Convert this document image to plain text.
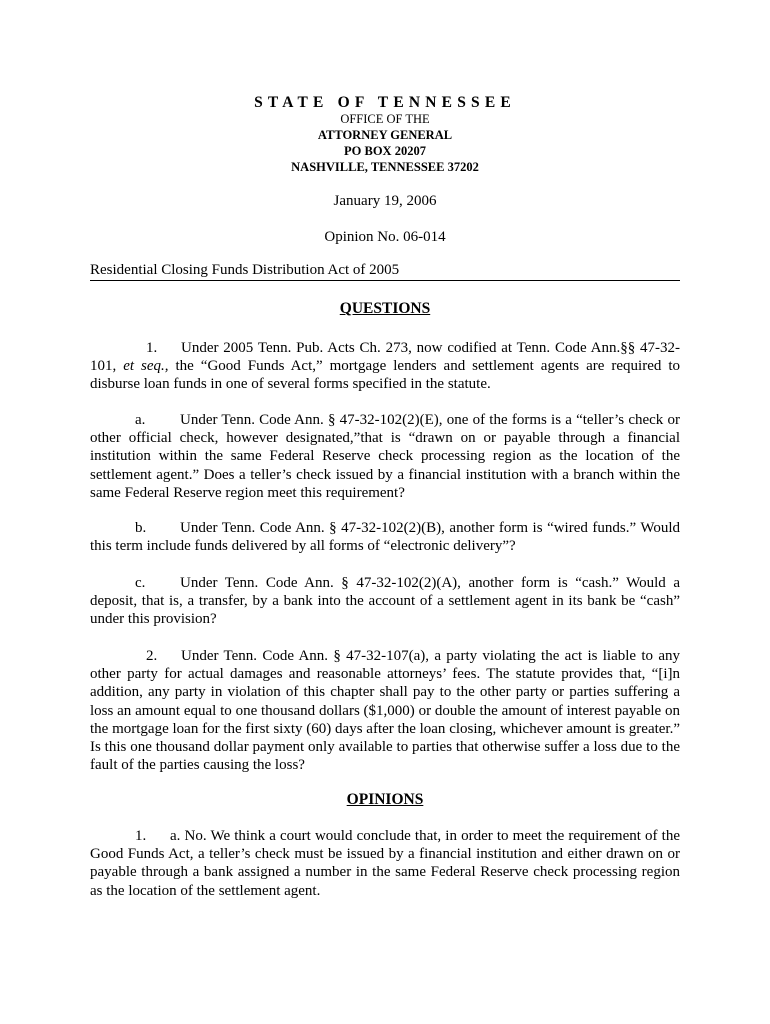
STATE OF TENNESSEE
OFFICE OF THE
ATTORNEY GENERAL
PO BOX 20207
NASHVILLE, TENNESSEE 37202
January 19, 2006
Opinion No. 06-014
Residential Closing Funds Distribution Act of 2005
QUESTIONS
1. Under 2005 Tenn. Pub. Acts Ch. 273, now codified at Tenn. Code Ann.§§ 47-32-101, et seq., the “Good Funds Act,” mortgage lenders and settlement agents are required to disburse loan funds in one of several forms specified in the statute.
a. Under Tenn. Code Ann. § 47-32-102(2)(E), one of the forms is a “teller’s check or other official check, however designated,”that is “drawn on or payable through a financial institution within the same Federal Reserve check processing region as the location of the settlement agent.” Does a teller’s check issued by a financial institution with a branch within the same Federal Reserve region meet this requirement?
b. Under Tenn. Code Ann. § 47-32-102(2)(B), another form is “wired funds.” Would this term include funds delivered by all forms of “electronic delivery”?
c. Under Tenn. Code Ann. § 47-32-102(2)(A), another form is “cash.” Would a deposit, that is, a transfer, by a bank into the account of a settlement agent in its bank be “cash” under this provision?
2. Under Tenn. Code Ann. § 47-32-107(a), a party violating the act is liable to any other party for actual damages and reasonable attorneys’ fees. The statute provides that, “[i]n addition, any party in violation of this chapter shall pay to the other party or parties suffering a loss an amount equal to one thousand dollars ($1,000) or double the amount of interest payable on the mortgage loan for the first sixty (60) days after the loan closing, whichever amount is greater.” Is this one thousand dollar payment only available to parties that otherwise suffer a loss due to the fault of the parties causing the loss?
OPINIONS
1. a. No. We think a court would conclude that, in order to meet the requirement of the Good Funds Act, a teller’s check must be issued by a financial institution and either drawn on or payable through a bank assigned a number in the same Federal Reserve check processing region as the location of the settlement agent.
